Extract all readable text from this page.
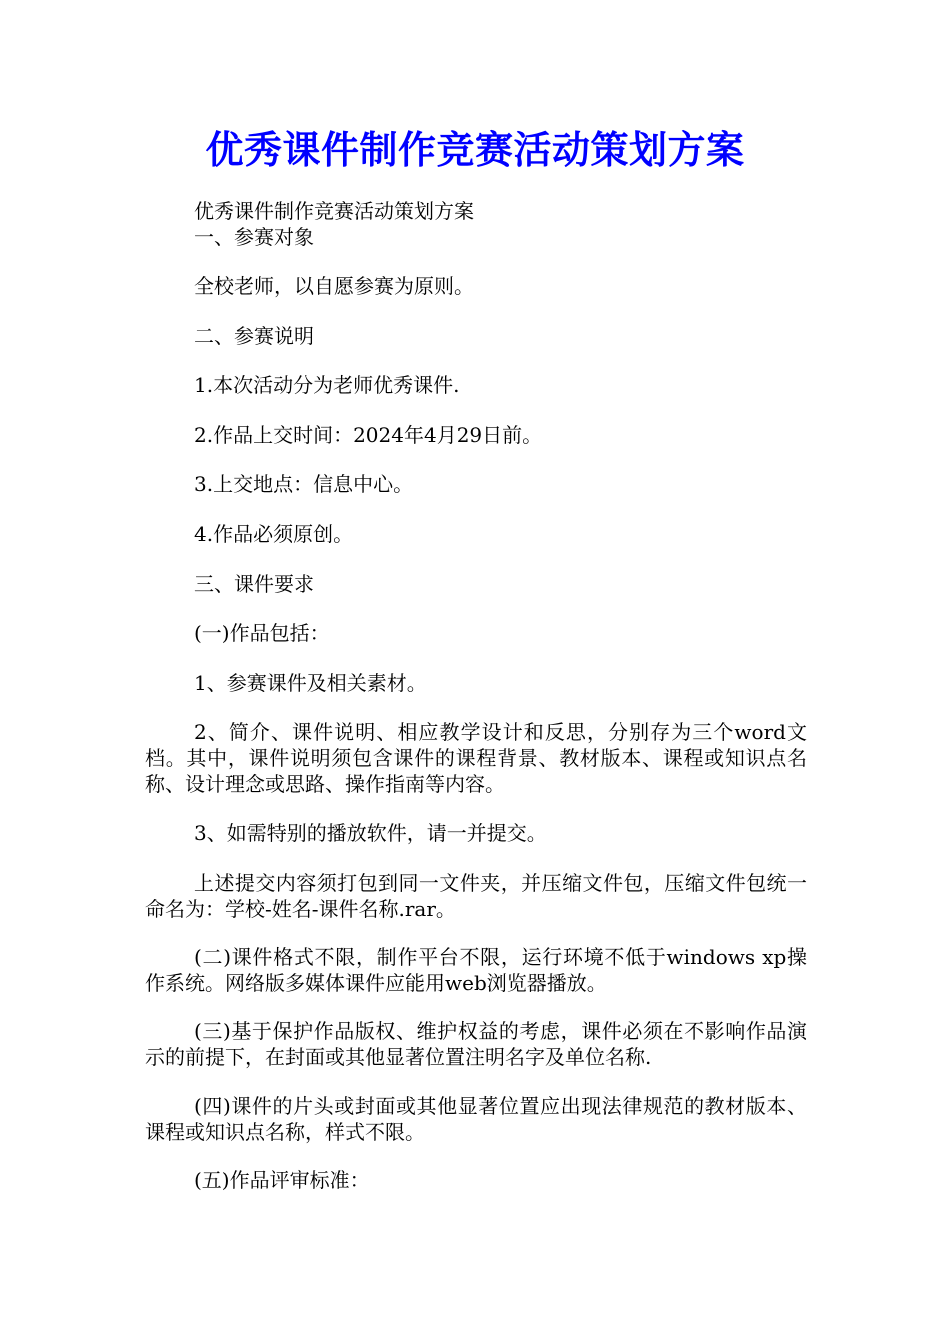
优秀课件制作竞赛活动策划方案

优秀课件制作竞赛活动策划方案

一、参赛对象

全校老师，以自愿参赛为原则。

二、参赛说明

1.本次活动分为老师优秀课件.

2.作品上交时间：2024年4月29日前。

3.上交地点：信息中心。

4.作品必须原创。

三、课件要求

(一)作品包括：

1、参赛课件及相关素材。

2、简介、课件说明、相应教学设计和反思，分别存为三个word文档。其中，课件说明须包含课件的课程背景、教材版本、课程或知识点名称、设计理念或思路、操作指南等内容。

3、如需特别的播放软件，请一并提交。

上述提交内容须打包到同一文件夹，并压缩文件包，压缩文件包统一命名为：学校-姓名-课件名称.rar。

(二)课件格式不限，制作平台不限，运行环境不低于windows xp操作系统。网络版多媒体课件应能用web浏览器播放。

(三)基于保护作品版权、维护权益的考虑，课件必须在不影响作品演示的前提下，在封面或其他显著位置注明名字及单位名称.

(四)课件的片头或封面或其他显著位置应出现法律规范的教材版本、课程或知识点名称，样式不限。

(五)作品评审标准：
